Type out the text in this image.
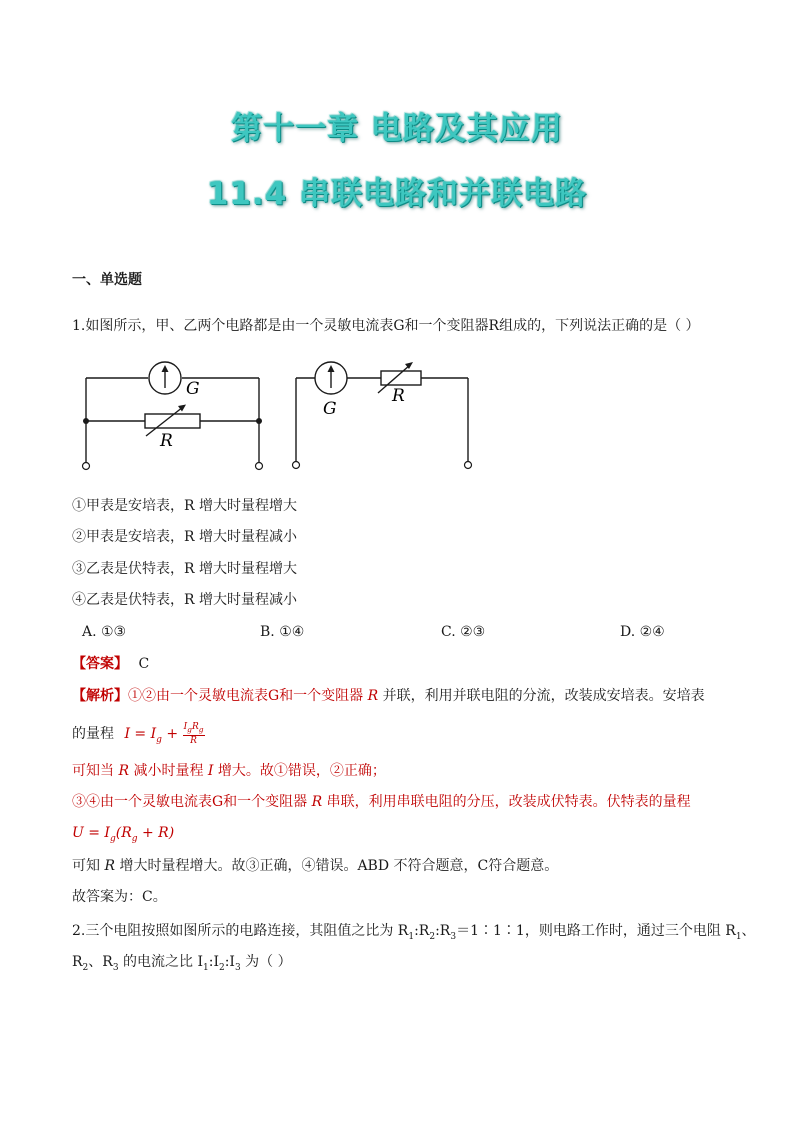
第十一章 电路及其应用
11.4 串联电路和并联电路
一、单选题
1.如图所示，甲、乙两个电路都是由一个灵敏电流表G和一个变阻器R组成的，下列说法正确的是（ ）
G
R
G
R
①甲表是安培表，R 增大时量程增大
②甲表是安培表，R 增大时量程减小
③乙表是伏特表，R 增大时量程增大
④乙表是伏特表，R 增大时量程减小
A. ①③	B. ①④	C. ②③	D. ②④
【答案】 C
【解析】①②由一个灵敏电流表G和一个变阻器 R 并联，利用并联电阻的分流，改装成安培表。安培表
的量程 $I = I_g + I_gR_g$
R
可知当 R 减小时量程 I 增大。故①错误，②正确；
③④由一个灵敏电流表G和一个变阻器 R 串联，利用串联电阻的分压，改装成伏特表。伏特表的量程
$U = I_g(R_g + R)$
可知 R 增大时量程增大。故③正确，④错误。ABD 不符合题意，C符合题意。
故答案为：C。
2.三个电阻按照如图所示的电路连接，其阻值之比为 $R_1:R_2:R_3=1∶1∶1$，则电路工作时，通过三个电阻 $R_1$、
$R_2$、$R_3$ 的电流之比 $I_1:I_2:I_3$ 为（ ）
